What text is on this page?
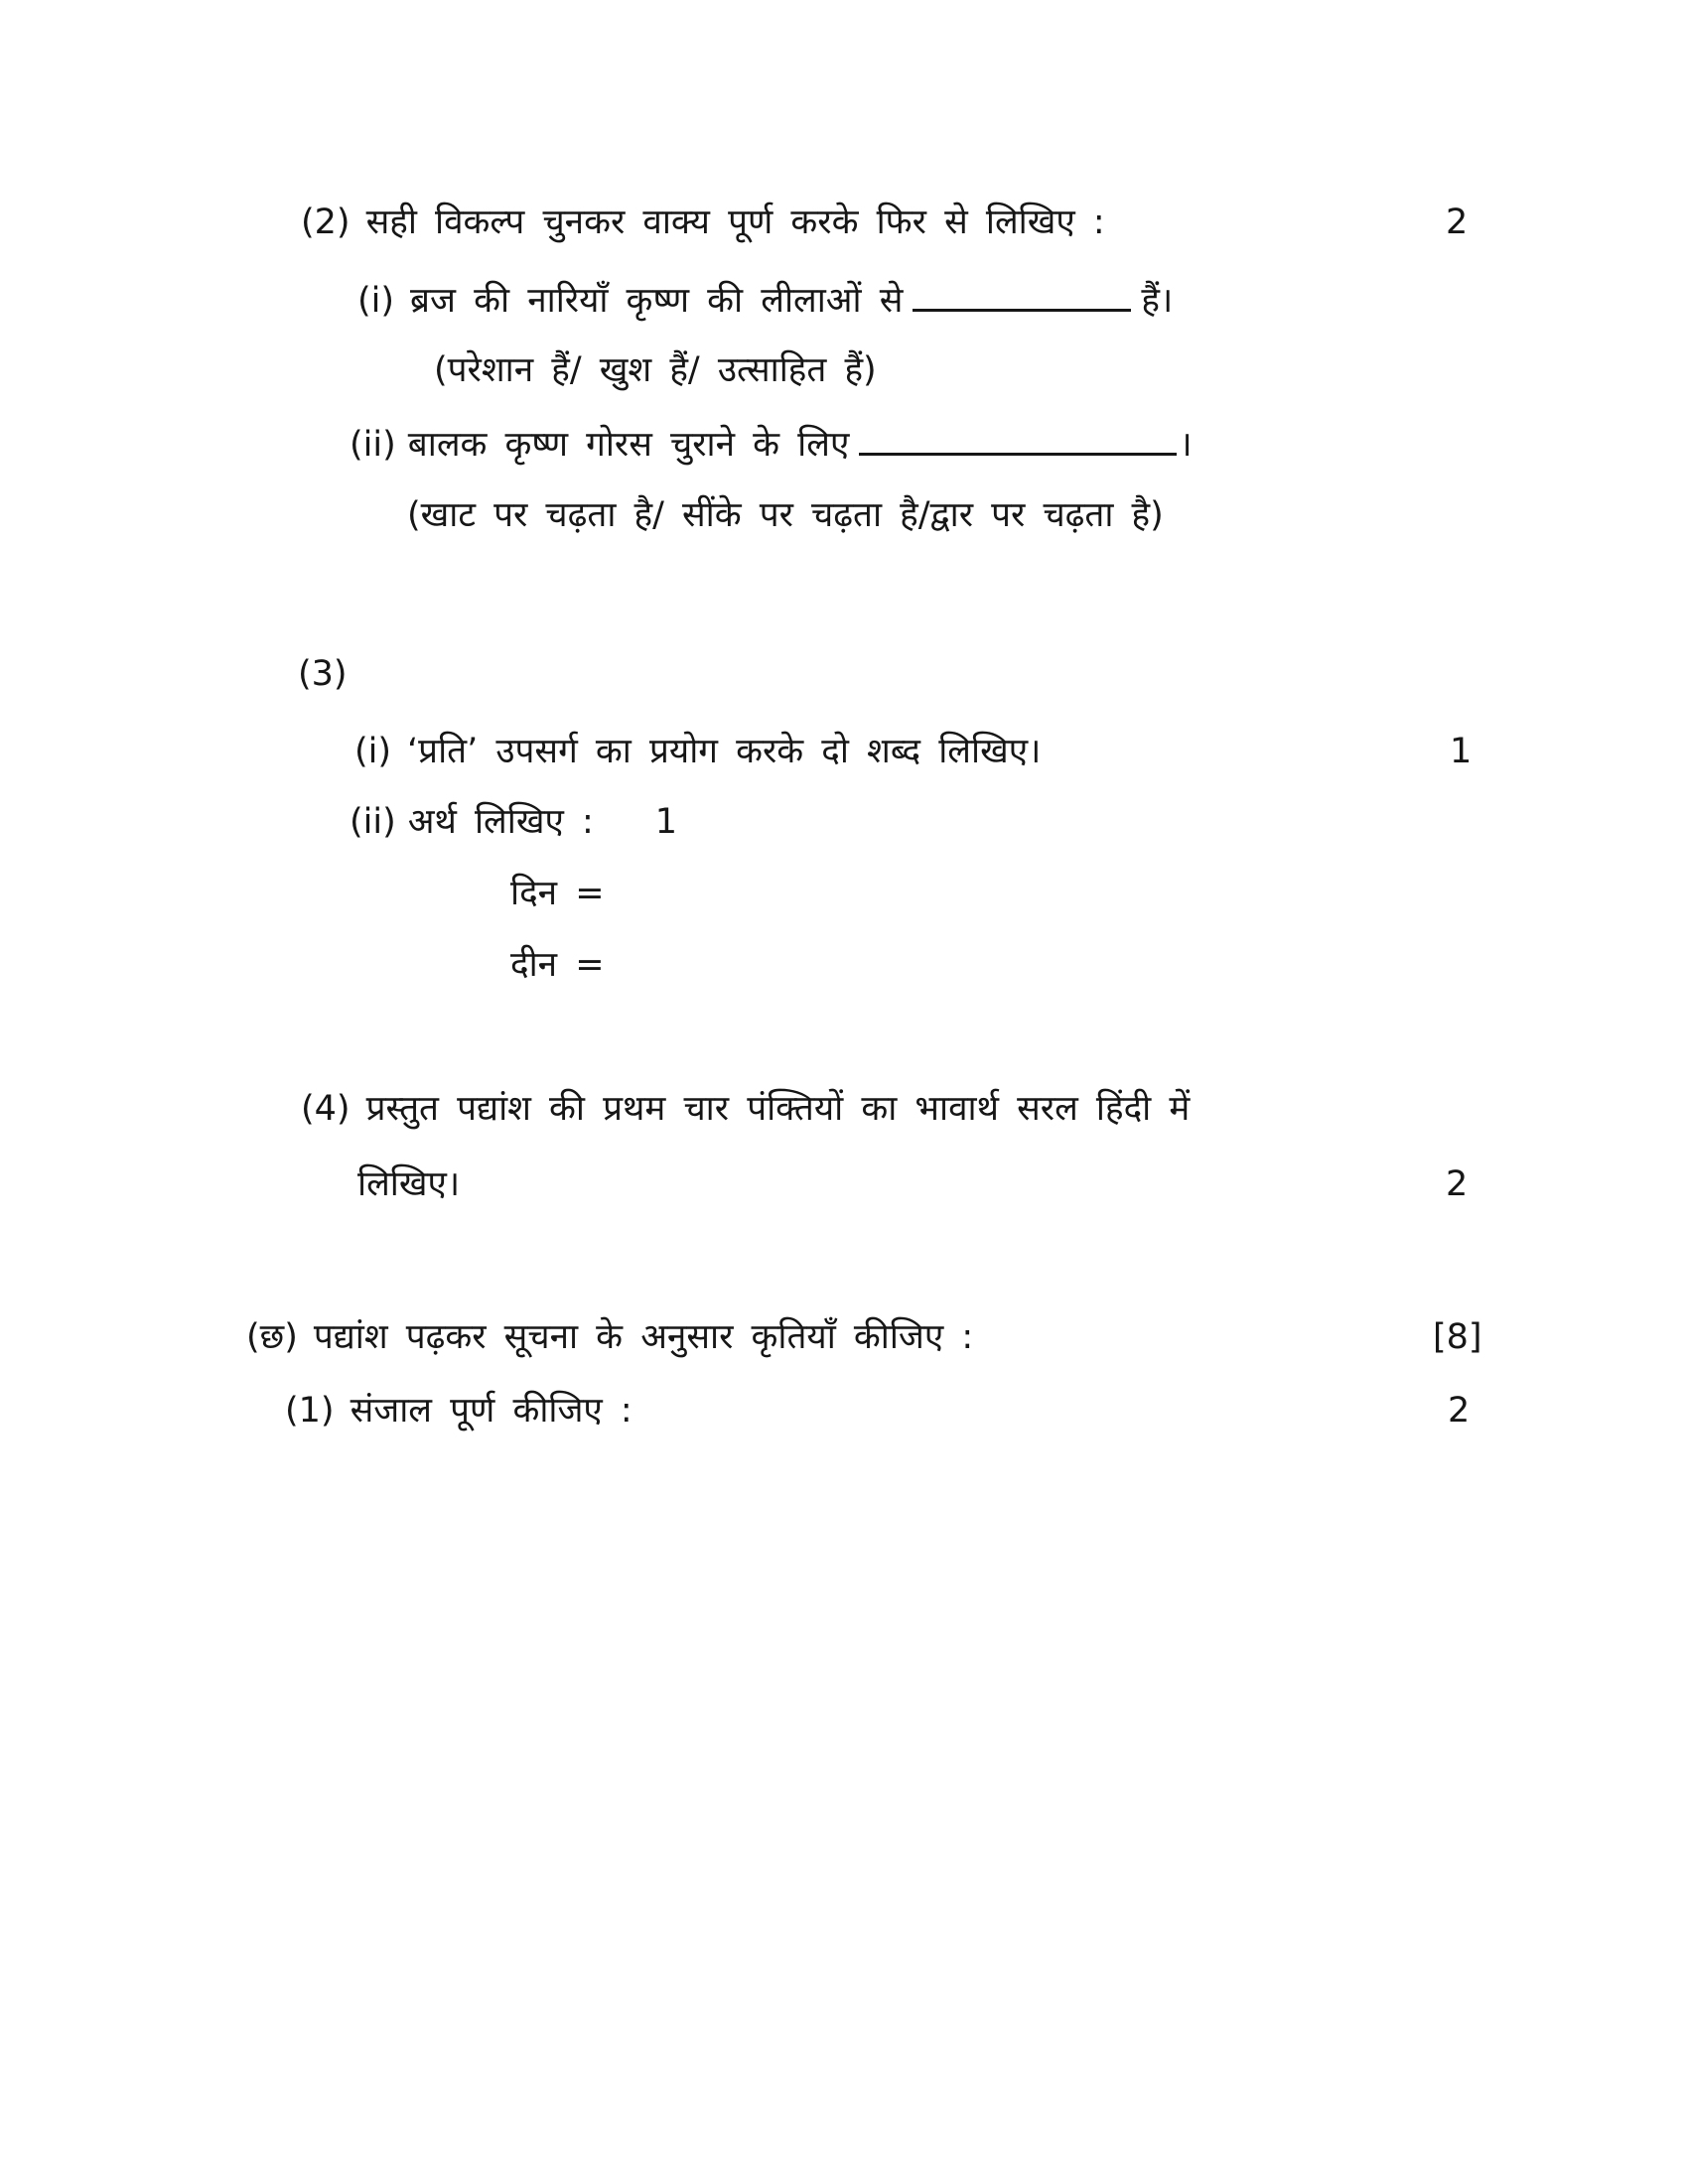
(2) सही विकल्प चुनकर वाक्य पूर्ण करके फिर से लिखिए :	2
(i) ब्रज की नारियाँ कृष्ण की लीलाओं से	हैं।
(परेशान हैं/ खुश हैं/ उत्साहित हैं)
(ii) बालक कृष्ण गोरस चुराने के लिए	।
(खाट पर चढ़ता है/ सींके पर चढ़ता है/द्वार पर चढ़ता है)
(3)
(i) ‘प्रति’ उपसर्ग का प्रयोग करके दो शब्द लिखिए।	1
(ii) अर्थ लिखिए : 1
दिन =
दीन =
(4) प्रस्तुत पद्यांश की प्रथम चार पंक्तियों का भावार्थ सरल हिंदी में
लिखिए।	2
(छ) पद्यांश पढ़कर सूचना के अनुसार कृतियाँ कीजिए :	[8]
(1) संजाल पूर्ण कीजिए :	2
